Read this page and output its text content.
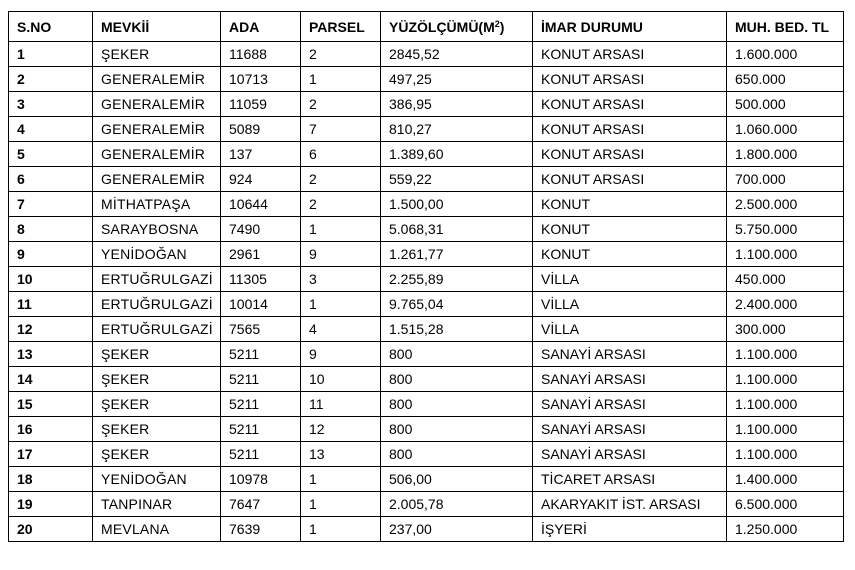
S.NO	MEVKİİ	ADA	PARSEL	$YÜZÖLÇÜMÜ(M^2)$	İMAR DURUMU	MUH. BED. TL
1	ŞEKER	11688	2	2845,52	KONUT ARSASI	1.600.000
2	GENERALEMİR	10713	1	497,25	KONUT ARSASI	650.000
3	GENERALEMİR	11059	2	386,95	KONUT ARSASI	500.000
4	GENERALEMİR	5089	7	810,27	KONUT ARSASI	1.060.000
5	GENERALEMİR	137	6	1.389,60	KONUT ARSASI	1.800.000
6	GENERALEMİR	924	2	559,22	KONUT ARSASI	700.000
7	MİTHATPAŞA	10644	2	1.500,00	KONUT	2.500.000
8	SARAYBOSNA	7490	1	5.068,31	KONUT	5.750.000
9	YENİDOĞAN	2961	9	1.261,77	KONUT	1.100.000
10	ERTUĞRULGAZİ	11305	3	2.255,89	VİLLA	450.000
11	ERTUĞRULGAZİ	10014	1	9.765,04	VİLLA	2.400.000
12	ERTUĞRULGAZİ	7565	4	1.515,28	VİLLA	300.000
13	ŞEKER	5211	9	800	SANAYİ ARSASI	1.100.000
14	ŞEKER	5211	10	800	SANAYİ ARSASI	1.100.000
15	ŞEKER	5211	11	800	SANAYİ ARSASI	1.100.000
16	ŞEKER	5211	12	800	SANAYİ ARSASI	1.100.000
17	ŞEKER	5211	13	800	SANAYİ ARSASI	1.100.000
18	YENİDOĞAN	10978	1	506,00	TİCARET ARSASI	1.400.000
19	TANPINAR	7647	1	2.005,78	AKARYAKIT İST. ARSASI	6.500.000
20	MEVLANA	7639	1	237,00	İŞYERİ	1.250.000
